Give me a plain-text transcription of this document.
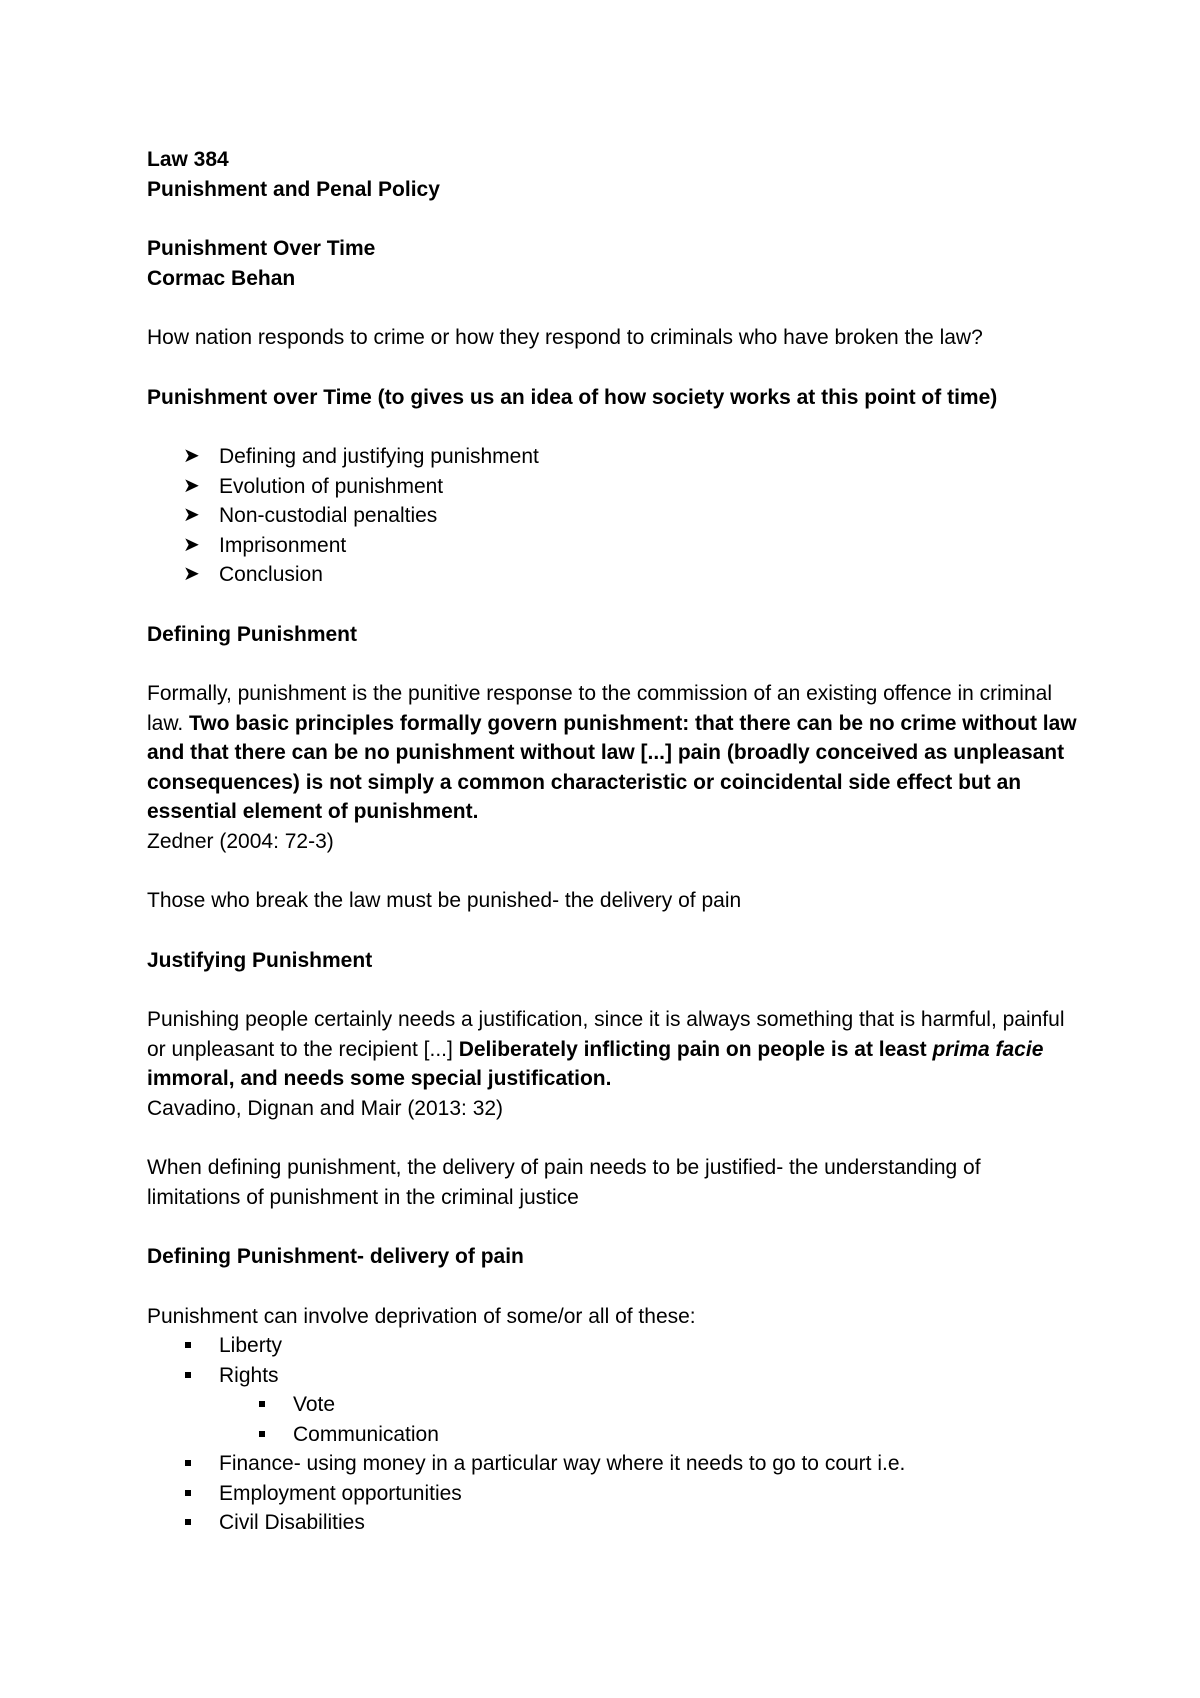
Law 384
Punishment and Penal Policy
Punishment Over Time
Cormac Behan
How nation responds to crime or how they respond to criminals who have broken the law?
Punishment over Time (to gives us an idea of how society works at this point of time)
➤ Defining and justifying punishment
➤ Evolution of punishment
➤ Non-custodial penalties
➤ Imprisonment
➤ Conclusion
Defining Punishment
Formally, punishment is the punitive response to the commission of an existing offence in criminal law. Two basic principles formally govern punishment: that there can be no crime without law and that there can be no punishment without law [...] pain (broadly conceived as unpleasant consequences) is not simply a common characteristic or coincidental side effect but an essential element of punishment.
Zedner (2004: 72-3)
Those who break the law must be punished- the delivery of pain
Justifying Punishment
Punishing people certainly needs a justification, since it is always something that is harmful, painful or unpleasant to the recipient [...] Deliberately inflicting pain on people is at least prima facie immoral, and needs some special justification.
Cavadino, Dignan and Mair (2013: 32)
When defining punishment, the delivery of pain needs to be justified- the understanding of limitations of punishment in the criminal justice
Defining Punishment- delivery of pain
Punishment can involve deprivation of some/or all of these:
Liberty
Rights
Vote
Communication
Finance- using money in a particular way where it needs to go to court i.e.
Employment opportunities
Civil Disabilities
